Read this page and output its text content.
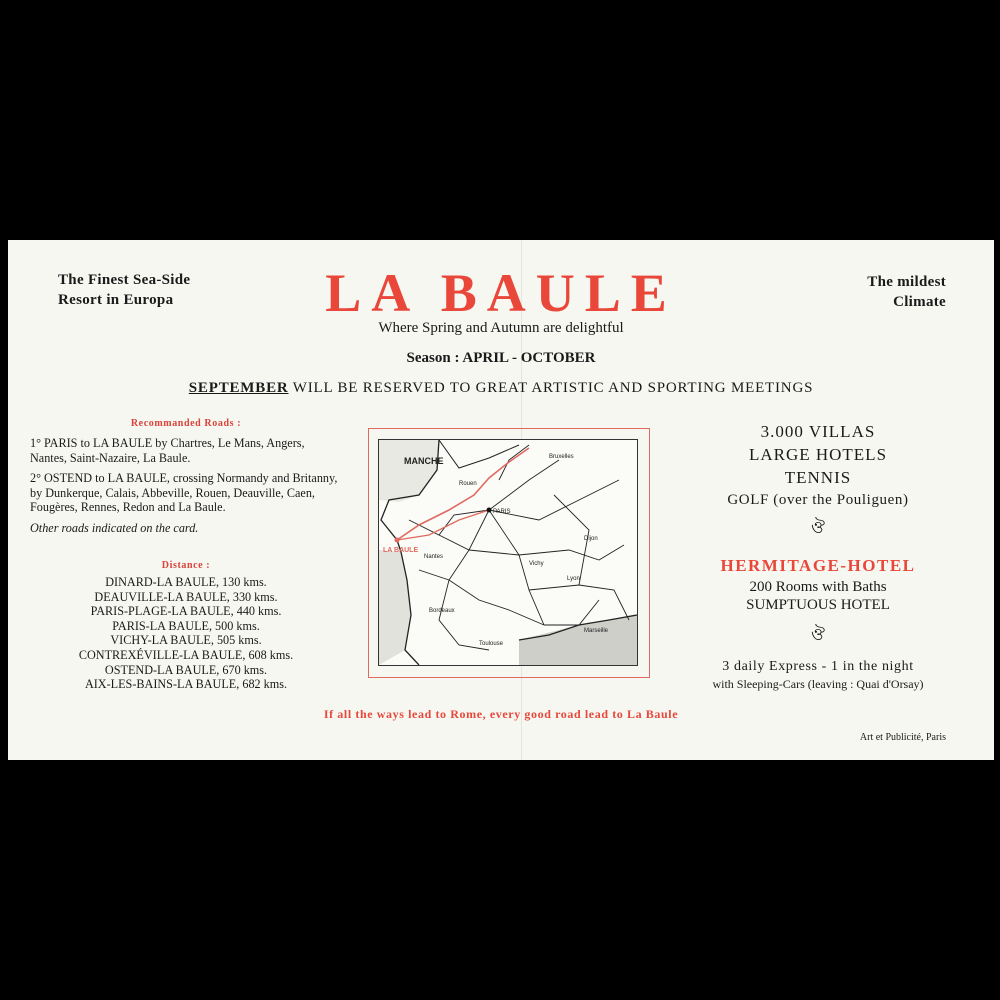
The Finest Sea-Side
Resort in Europa
The mildest
Climate
LA BAULE
Where Spring and Autumn are delightful
Season : APRIL - OCTOBER
SEPTEMBER WILL BE RESERVED TO GREAT ARTISTIC AND SPORTING MEETINGS
Recommanded Roads :

1° PARIS to LA BAULE by Chartres, Le Mans, Angers, Nantes, Saint-Nazaire, La Baule.

2° OSTEND to LA BAULE, crossing Normandy and Britanny, by Dunkerque, Calais, Abbeville, Rouen, Deauville, Caen, Fougères, Rennes, Redon and La Baule.

Other roads indicated on the card.

Distance :
DINARD-LA BAULE, 130 kms.
DEAUVILLE-LA BAULE, 330 kms.
PARIS-PLAGE-LA BAULE, 440 kms.
PARIS-LA BAULE, 500 kms.
VICHY-LA BAULE, 505 kms.
CONTREXÉVILLE-LA BAULE, 608 kms.
OSTEND-LA BAULE, 670 kms.
AIX-LES-BAINS-LA BAULE, 682 kms.
MANCHE
LA BAULE
PARIS
Bruxelles
Dijon
Lyon
Bordeaux
Marseille
Toulouse
Nantes
Vichy
Rouen
3.000 VILLAS
LARGE HOTELS
TENNIS
GOLF (over the Pouliguen)
ঔ
HERMITAGE-HOTEL
200 Rooms with Baths
SUMPTUOUS HOTEL
ঔ
3 daily Express - 1 in the night
with Sleeping-Cars (leaving : Quai d'Orsay)
If all the ways lead to Rome, every good road lead to La Baule
Art et Publicité, Paris
